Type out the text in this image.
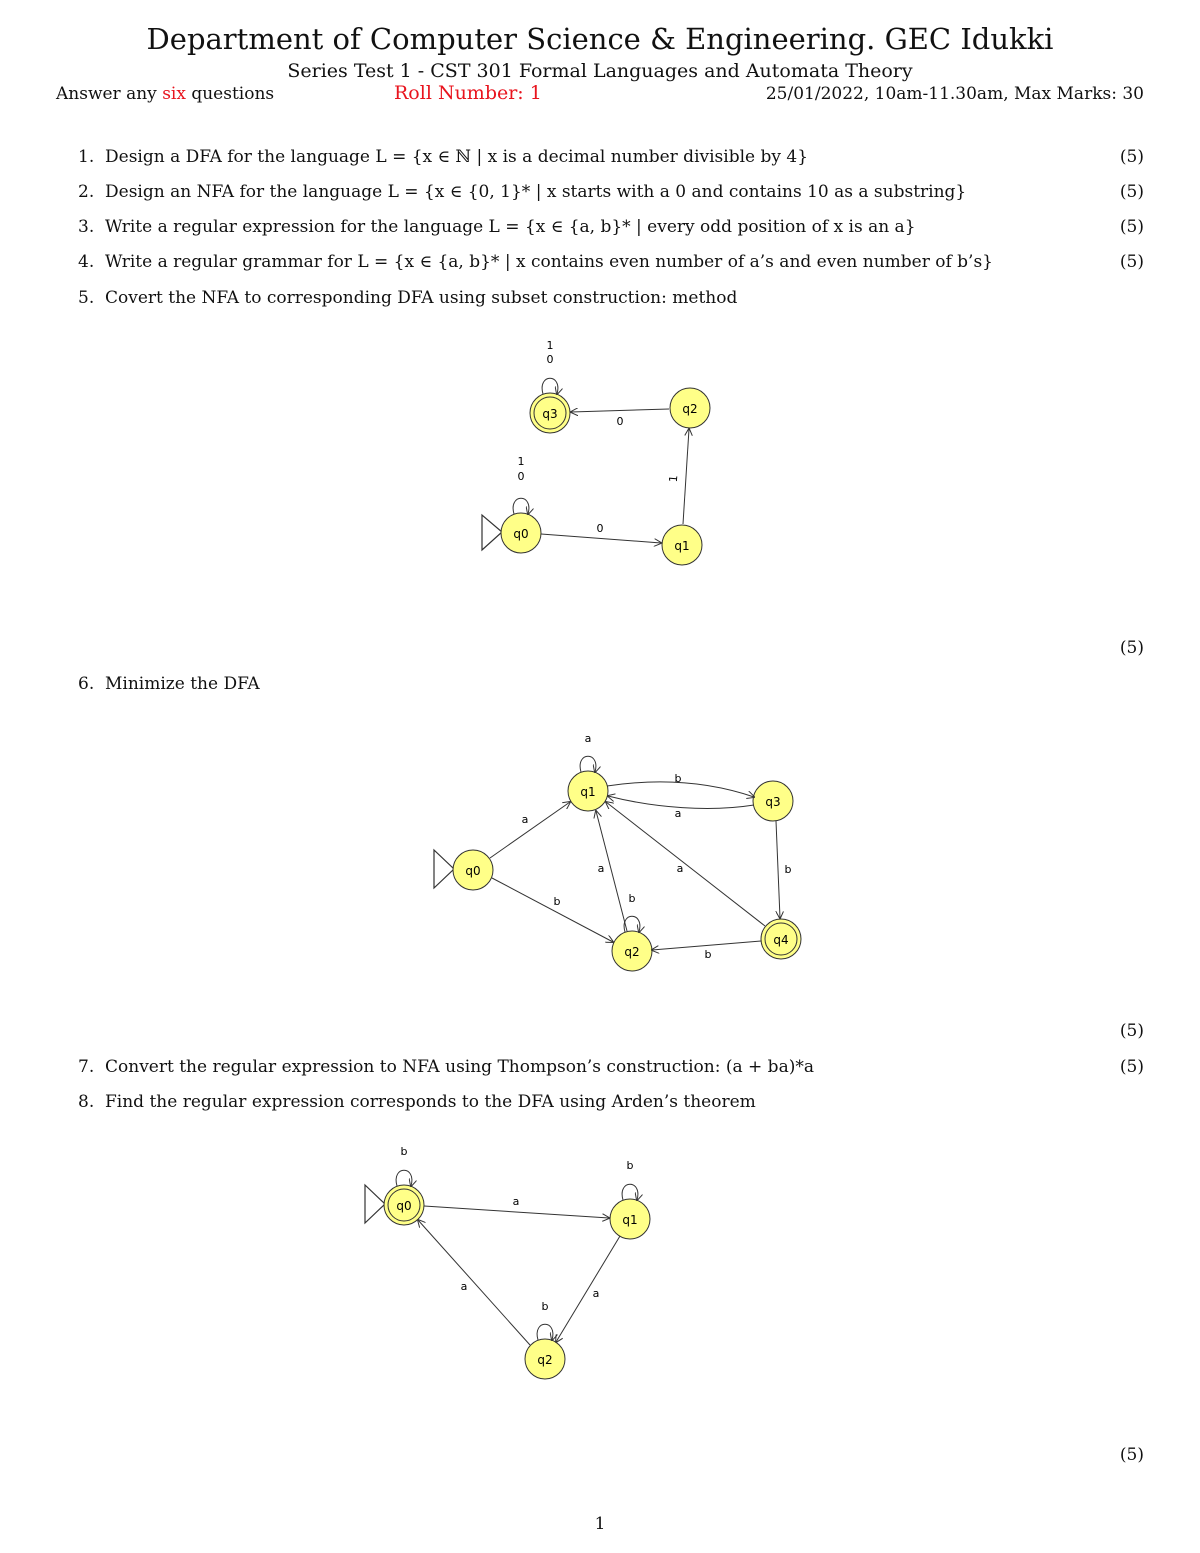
Department of Computer Science & Engineering. GEC Idukki
Series Test 1 - CST 301 Formal Languages and Automata Theory
Answer any six questions	Roll Number: 1	25/01/2022, 10am-11.30am, Max Marks: 30
1. Design a DFA for the language L = {x ∈ ℕ | x is a decimal number divisible by 4}	(5)
2. Design an NFA for the language L = {x ∈ {0, 1}* | x starts with a 0 and contains 10 as a substring}	(5)
3. Write a regular expression for the language L = {x ∈ {a, b}* | every odd position of x is an a}	(5)
4. Write a regular grammar for L = {x ∈ {a, b}* | x contains even number of a’s and even number of b’s}	(5)
5. Covert the NFA to corresponding DFA using subset construction: method
q0
1
0
q1
0
q2
1
q3
0
1
0
(5)
6. Minimize the DFA
q0
q1
a
q3
q2
b
q4
a
b
b
a
b
a	a
b
(5)
7. Convert the regular expression to NFA using Thompson’s construction: (a + ba)*a	(5)
8. Find the regular expression corresponds to the DFA using Arden’s theorem
q0
b
q1
b
q2
b
a
a
a
(5)
1
